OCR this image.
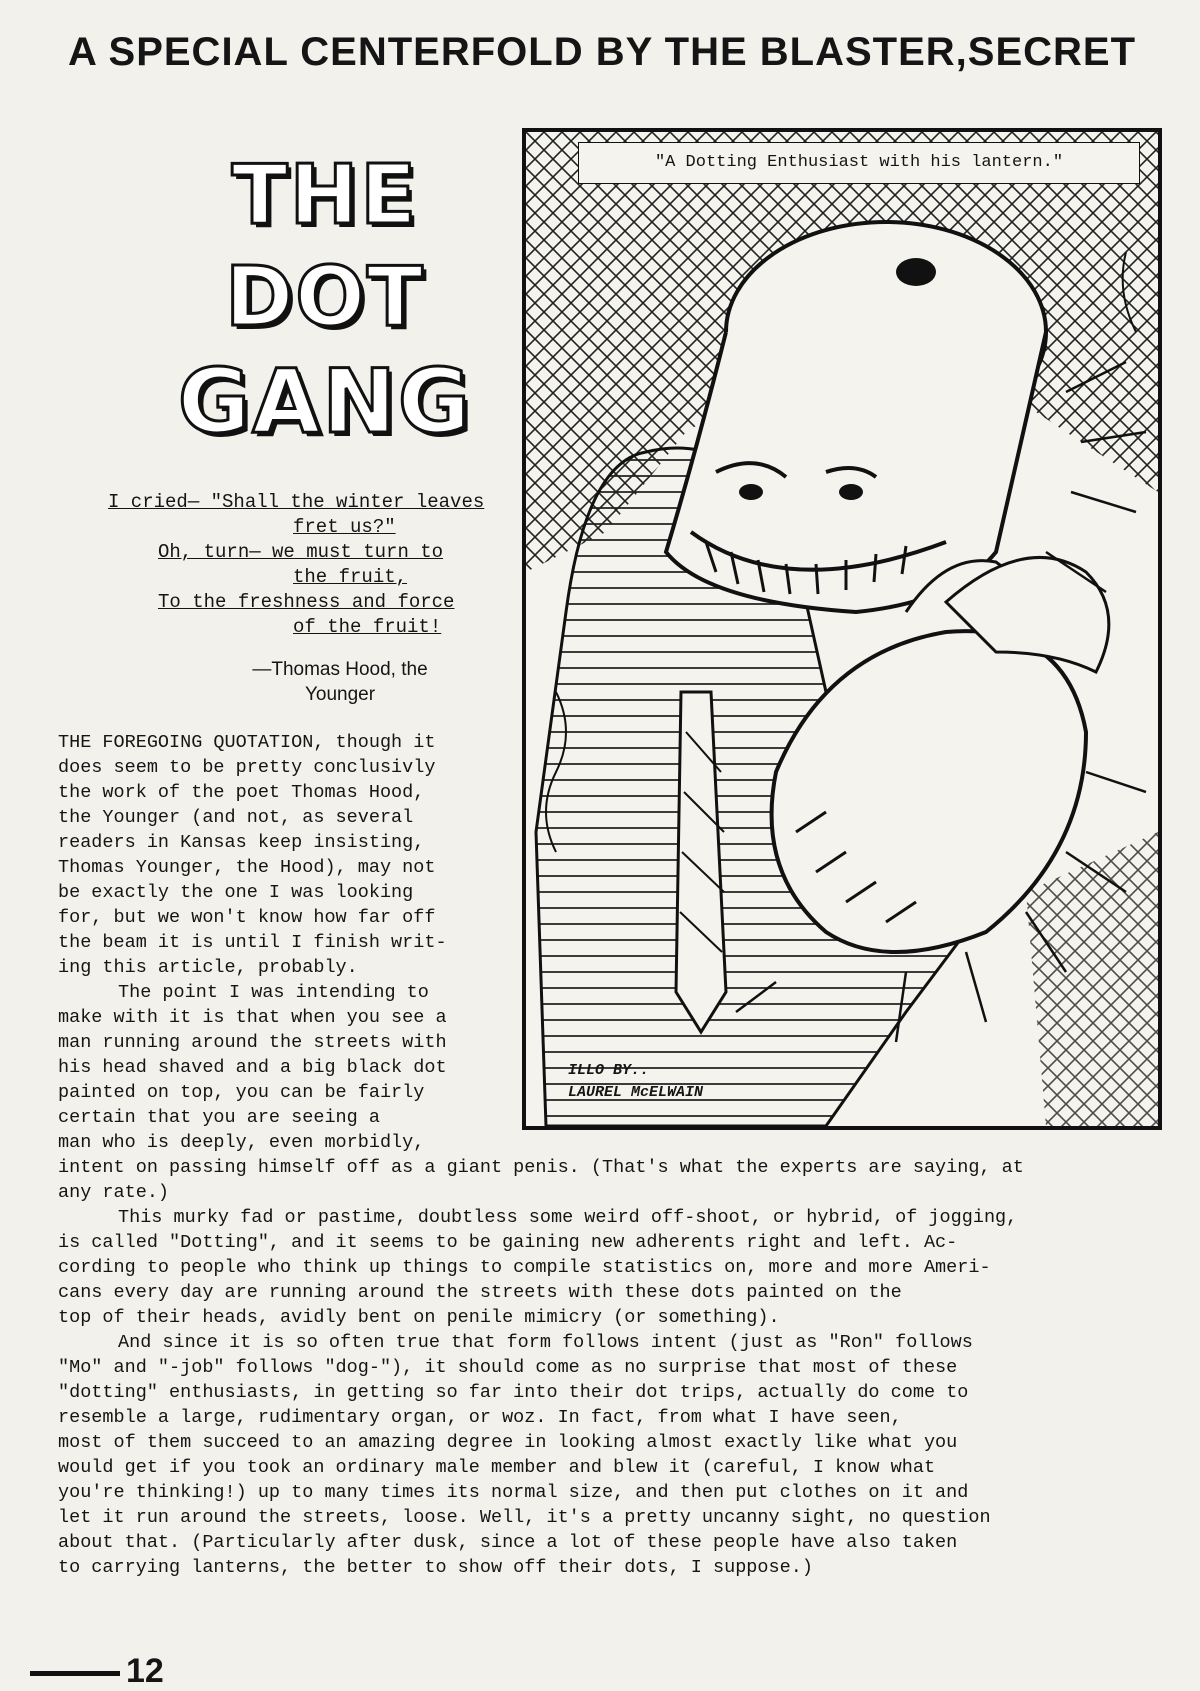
A SPECIAL CENTERFOLD BY THE BLASTER,SECRET
THE
DOT
GANG
I cried— "Shall the winter leaves
fret us?"
Oh, turn— we must turn to
the fruit,
To the freshness and force
of the fruit!
—Thomas Hood, the
Younger
"A Dotting Enthusiast with his lantern."
ILLO BY..
LAUREL McELWAIN
THE FOREGOING QUOTATION, though it
does seem to be pretty conclusivly
the work of the poet Thomas Hood,
the Younger (and not, as several
readers in Kansas keep insisting,
Thomas Younger, the Hood), may not
be exactly the one I was looking
for, but we won't know how far off
the beam it is until I finish writ-
ing this article, probably.
The point I was intending to
make with it is that when you see a
man running around the streets with
his head shaved and a big black dot
painted on top, you can be fairly
certain that you are seeing a
man who is deeply, even morbidly,
intent on passing himself off as a giant penis. (That's what the experts are saying, at
any rate.)
This murky fad or pastime, doubtless some weird off-shoot, or hybrid, of jogging,
is called "Dotting", and it seems to be gaining new adherents right and left. Ac-
cording to people who think up things to compile statistics on, more and more Ameri-
cans every day are running around the streets with these dots painted on the
top of their heads, avidly bent on penile mimicry (or something).
And since it is so often true that form follows intent (just as "Ron" follows
"Mo" and "-job" follows "dog-"), it should come as no surprise that most of these
"dotting" enthusiasts, in getting so far into their dot trips, actually do come to
resemble a large, rudimentary organ, or woz. In fact, from what I have seen,
most of them succeed to an amazing degree in looking almost exactly like what you
would get if you took an ordinary male member and blew it (careful, I know what
you're thinking!) up to many times its normal size, and then put clothes on it and
let it run around the streets, loose. Well, it's a pretty uncanny sight, no question
about that. (Particularly after dusk, since a lot of these people have also taken
to carrying lanterns, the better to show off their dots, I suppose.)
12
